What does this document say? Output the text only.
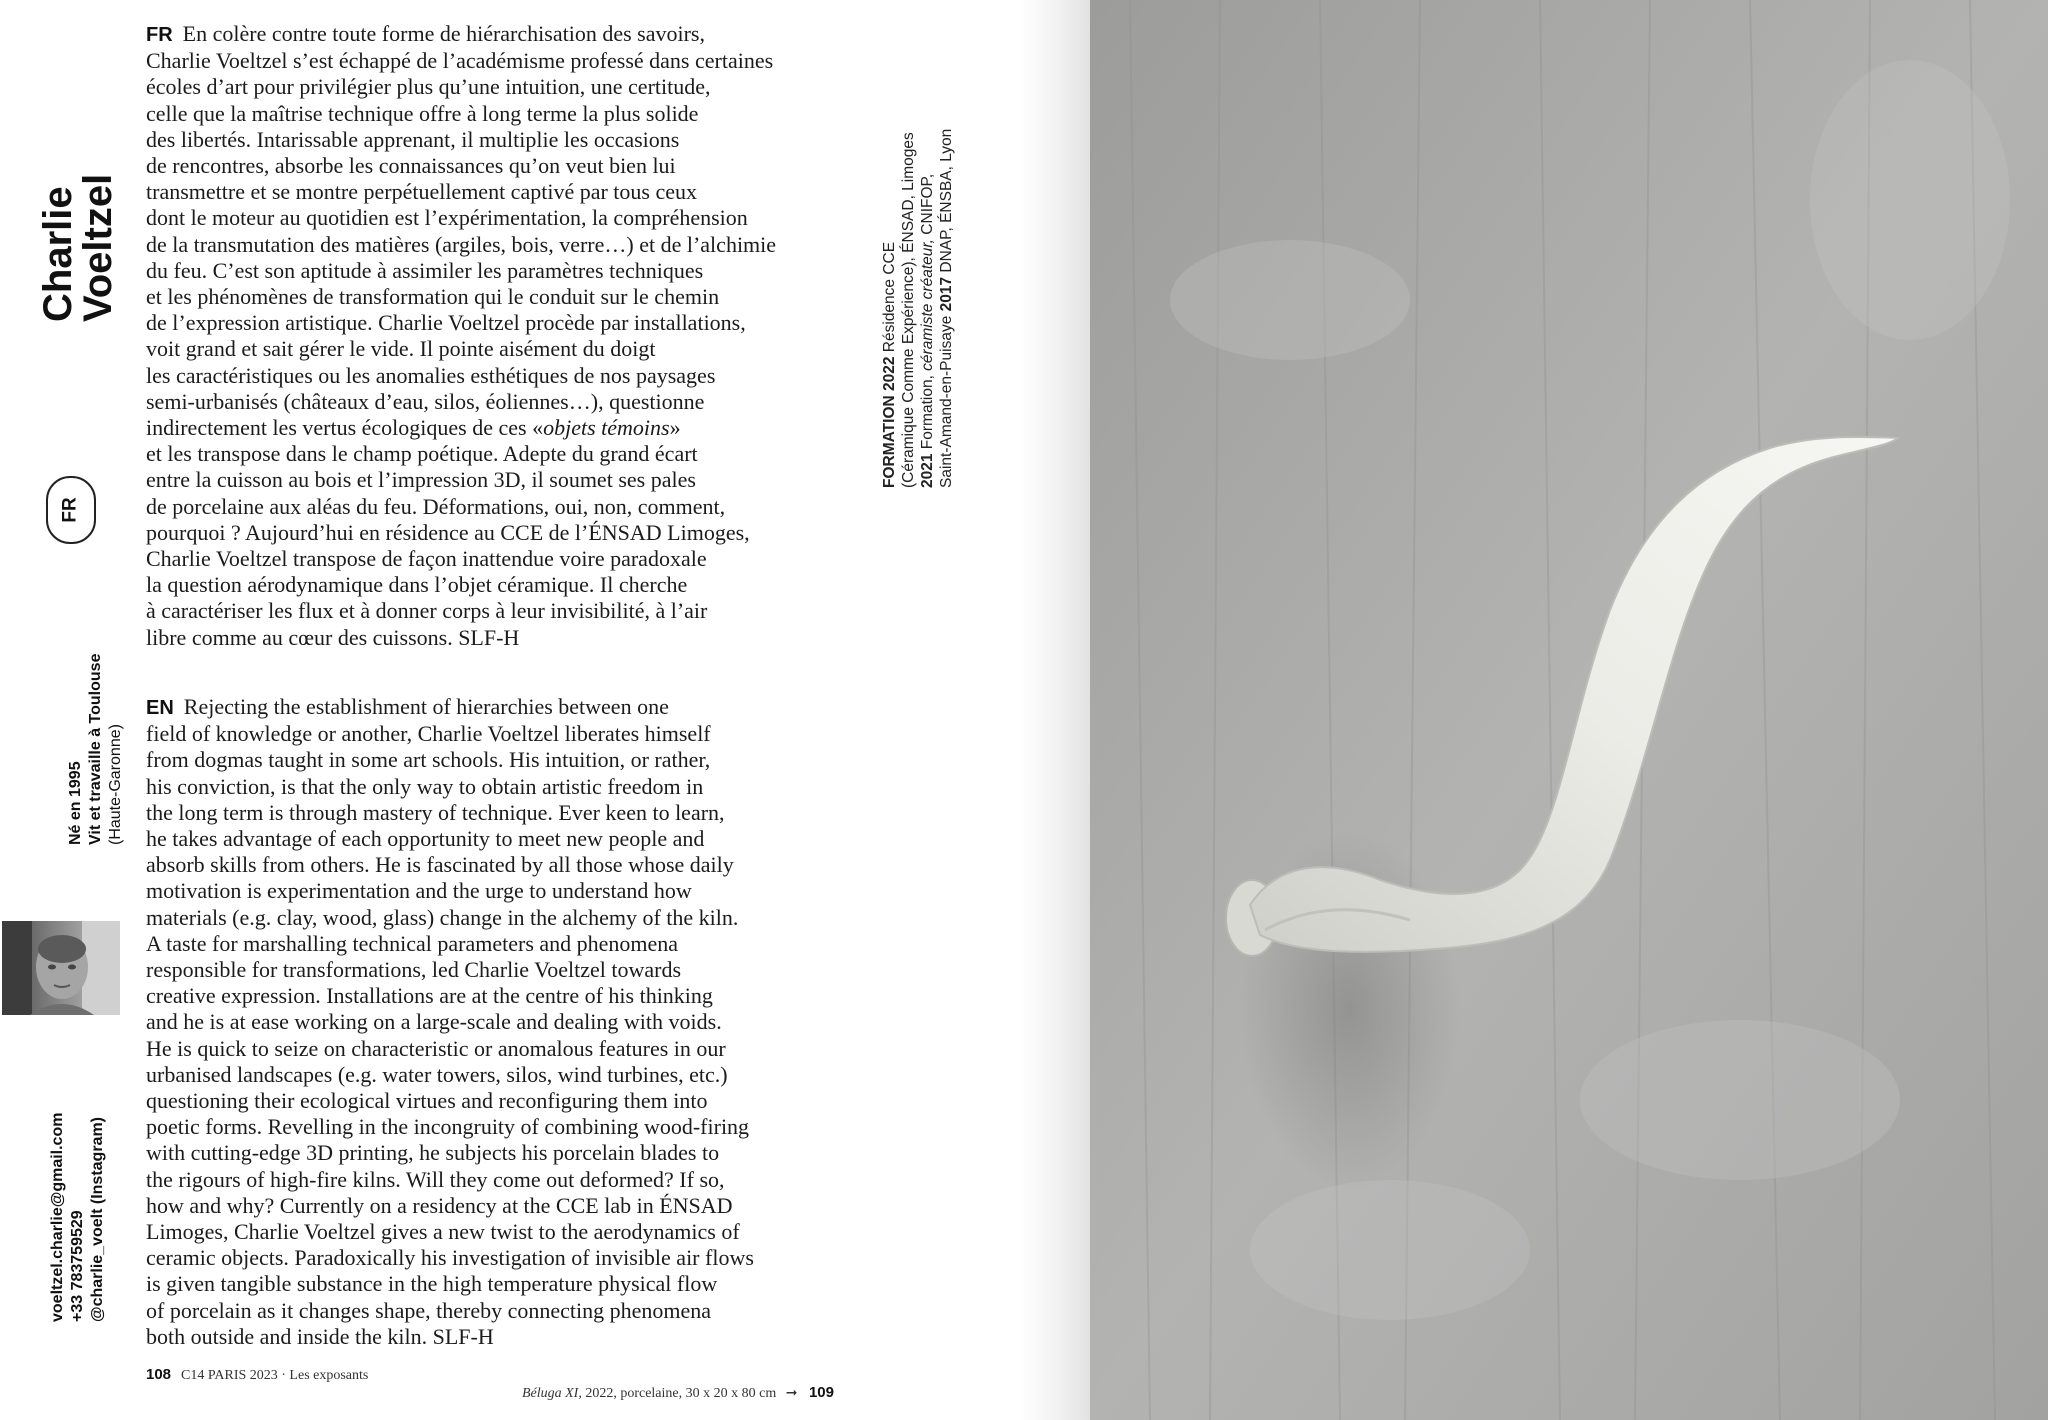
Charlie
Voeltzel
FR
Né en 1995 Vit et travaille à Toulouse (Haute-Garonne)
voeltzel.charlie@gmail.com +33 783759529 @charlie_voelt (Instagram)
FR En colère contre toute forme de hiérarchisation des savoirs,
Charlie Voeltzel s’est échappé de l’académisme professé dans certaines
écoles d’art pour privilégier plus qu’une intuition, une certitude,
celle que la maîtrise technique offre à long terme la plus solide
des libertés. Intarissable apprenant, il multiplie les occasions
de rencontres, absorbe les connaissances qu’on veut bien lui
transmettre et se montre perpétuellement captivé par tous ceux
dont le moteur au quotidien est l’expérimentation, la compréhension
de la transmutation des matières (argiles, bois, verre…) et de l’alchimie
du feu. C’est son aptitude à assimiler les paramètres techniques
et les phénomènes de transformation qui le conduit sur le chemin
de l’expression artistique. Charlie Voeltzel procède par installations,
voit grand et sait gérer le vide. Il pointe aisément du doigt
les caractéristiques ou les anomalies esthétiques de nos paysages
semi-urbanisés (châteaux d’eau, silos, éoliennes…), questionne
indirectement les vertus écologiques de ces «objets témoins»
et les transpose dans le champ poétique. Adepte du grand écart
entre la cuisson au bois et l’impression 3D, il soumet ses pales
de porcelaine aux aléas du feu. Déformations, oui, non, comment,
pourquoi ? Aujourd’hui en résidence au CCE de l’ÉNSAD Limoges,
Charlie Voeltzel transpose de façon inattendue voire paradoxale
la question aérodynamique dans l’objet céramique. Il cherche
à caractériser les flux et à donner corps à leur invisibilité, à l’air
libre comme au cœur des cuissons. SLF-H
EN Rejecting the establishment of hierarchies between one
field of knowledge or another, Charlie Voeltzel liberates himself
from dogmas taught in some art schools. His intuition, or rather,
his conviction, is that the only way to obtain artistic freedom in
the long term is through mastery of technique. Ever keen to learn,
he takes advantage of each opportunity to meet new people and
absorb skills from others. He is fascinated by all those whose daily
motivation is experimentation and the urge to understand how
materials (e.g. clay, wood, glass) change in the alchemy of the kiln.
A taste for marshalling technical parameters and phenomena
responsible for transformations, led Charlie Voeltzel towards
creative expression. Installations are at the centre of his thinking
and he is at ease working on a large-scale and dealing with voids.
He is quick to seize on characteristic or anomalous features in our
urbanised landscapes (e.g. water towers, silos, wind turbines, etc.)
questioning their ecological virtues and reconfiguring them into
poetic forms. Revelling in the incongruity of combining wood-firing
with cutting-edge 3D printing, he subjects his porcelain blades to
the rigours of high-fire kilns. Will they come out deformed? If so,
how and why? Currently on a residency at the CCE lab in ÉNSAD
Limoges, Charlie Voeltzel gives a new twist to the aerodynamics of
ceramic objects. Paradoxically his investigation of invisible air flows
is given tangible substance in the high temperature physical flow
of porcelain as it changes shape, thereby connecting phenomena
both outside and inside the kiln. SLF-H
FORMATION 2022 Résidence CCE (Céramique Comme Expérience), ÉNSAD, Limoges 2021 Formation, céramiste créateur, CNIFOP,
Saint-Amand-en-Puisaye 2017 DNAP, ÉNSBA, Lyon
108 C14 PARIS 2023 · Les exposants
Béluga XI, 2022, porcelaine, 30 x 20 x 80 cm ➞ 109
